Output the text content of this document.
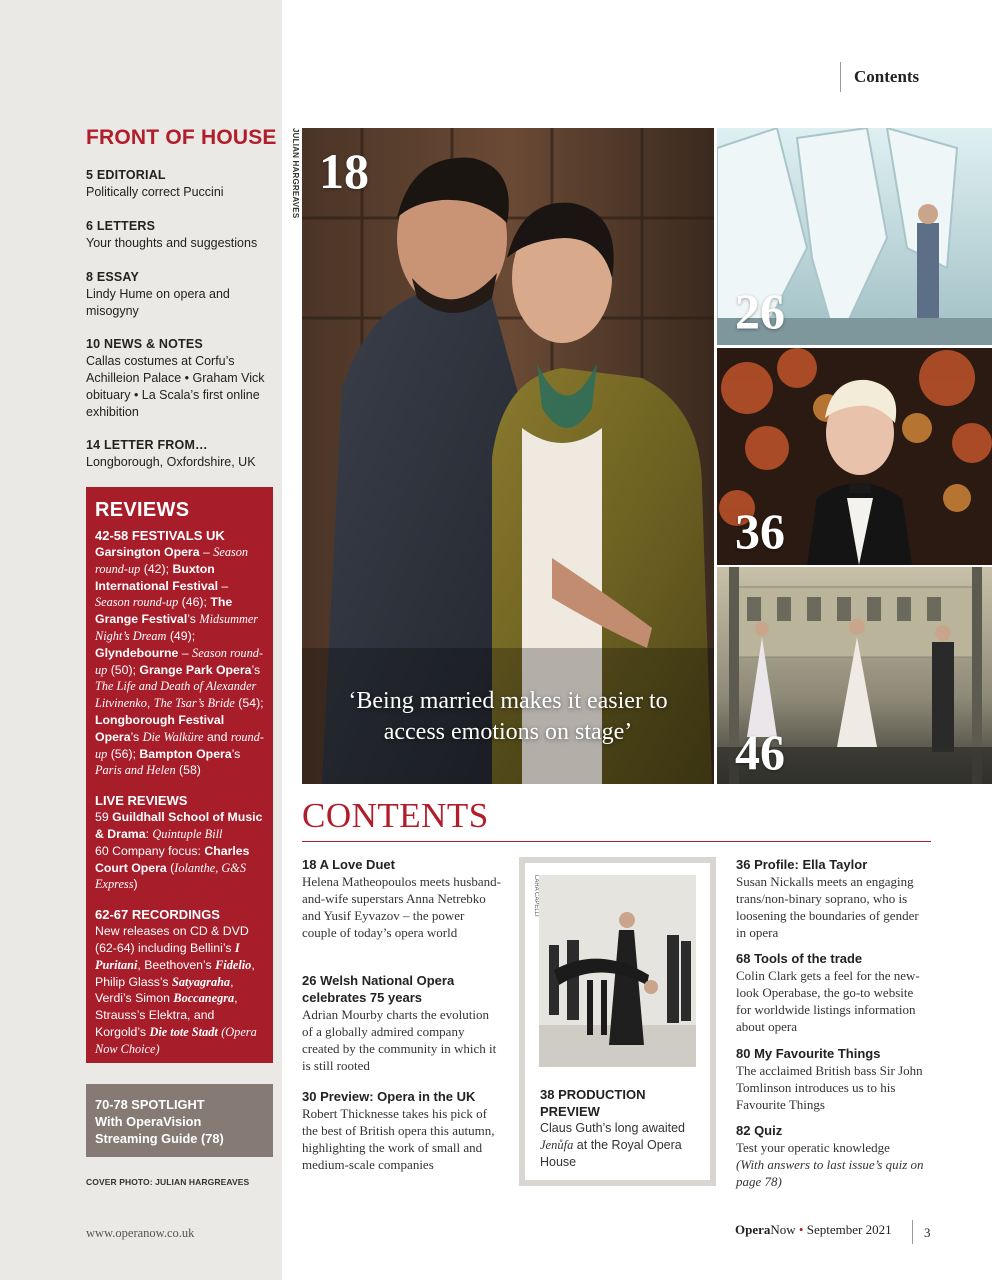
FRONT OF HOUSE
5 EDITORIAL
Politically correct Puccini
6 LETTERS
Your thoughts and suggestions
8 ESSAY
Lindy Hume on opera and misogyny
10 NEWS & NOTES
Callas costumes at Corfu’s Achilleion Palace • Graham Vick obituary • La Scala’s first online exhibition
14 LETTER FROM…
Longborough, Oxfordshire, UK
REVIEWS
42-58 FESTIVALS UK
Garsington Opera – Season round-up (42); Buxton International Festival – Season round-up (46); The Grange Festival’s Midsummer Night’s Dream (49); Glyndebourne – Season round-up (50); Grange Park Opera’s The Life and Death of Alexander Litvinenko, The Tsar’s Bride (54); Longborough Festival Opera’s Die Walküre and round-up (56); Bampton Opera’s Paris and Helen (58)
LIVE REVIEWS
59 Guildhall School of Music & Drama: Quintuple Bill
60 Company focus: Charles Court Opera (Iolanthe, G&S Express)
62-67 RECORDINGS
New releases on CD & DVD (62-64) including Bellini’s I Puritani, Beethoven’s Fidelio, Philip Glass’s Satyagraha, Verdi’s Simon Boccanegra, Strauss’s Elektra, and Korgold’s Die tote Stadt (Opera Now Choice)
70-78 SPOTLIGHT
With OperaVision Streaming Guide (78)
COVER PHOTO: JULIAN HARGREAVES
www.operanow.co.uk
Contents
JULIAN HARGREAVES 18
‘Being married makes it easier to access emotions on stage’
26
36
46
CONTENTS
18 A Love Duet
Helena Matheopoulos meets husband-and-wife superstars Anna Netrebko and Yusif Eyvazov – the power couple of today’s opera world
26 Welsh National Opera celebrates 75 years
Adrian Mourby charts the evolution of a globally admired company created by the community in which it is still rooted
30 Preview: Opera in the UK
Robert Thicknesse takes his pick of the best of British opera this autumn, highlighting the work of small and medium-scale companies
LARA CAPELLI
38 PRODUCTION PREVIEW
Claus Guth’s long awaited Jenůfa at the Royal Opera House
36 Profile: Ella Taylor
Susan Nickalls meets an engaging trans/non-binary soprano, who is loosening the boundaries of gender in opera
68 Tools of the trade
Colin Clark gets a feel for the new-look Operabase, the go-to website for worldwide listings information about opera
80 My Favourite Things
The acclaimed British bass Sir John Tomlinson introduces us to his Favourite Things
82 Quiz
Test your operatic knowledge
(With answers to last issue’s quiz on page 78)
OperaNow • September 2021 3
